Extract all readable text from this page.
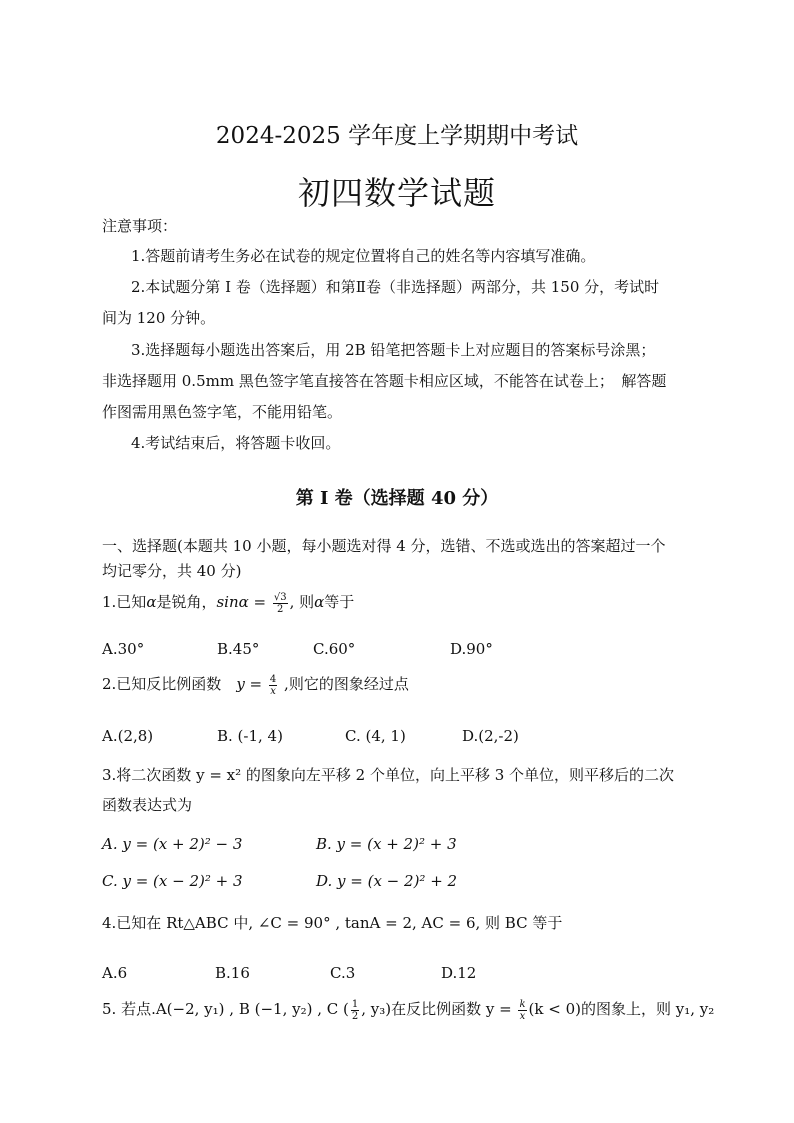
2024-2025 学年度上学期期中考试
初四数学试题
注意事项：
1.答题前请考生务必在试卷的规定位置将自己的姓名等内容填写准确。
2.本试题分第 I 卷（选择题）和第Ⅱ卷（非选择题）两部分，共 150 分，考试时
间为 120 分钟。
3.选择题每小题选出答案后，用 2B 铅笔把答题卡上对应题目的答案标号涂黑；
非选择题用 0.5mm 黑色签字笔直接答在答题卡相应区域，不能答在试卷上；　解答题
作图需用黑色签字笔，不能用铅笔。
4.考试结束后，将答题卡收回。
第 I 卷（选择题 40 分）
一、选择题(本题共 10 小题，每小题选对得 4 分，选错、不选或选出的答案超过一个
均记零分，共 40 分)
1.已知α是锐角，$\sin\alpha = \frac{√3}{2}$ , 则α等于
A.30°	B.45°	C.60°	D.90°
2.已知反比例函数　$y = \frac{4}{x}$ ,则它的图象经过点
A.(2,8)	B. (-1, 4)	C. (4, 1)	D.(2,-2)
3.将二次函数 y = x² 的图象向左平移 2 个单位，向上平移 3 个单位，则平移后的二次
函数表达式为
A. y = (x + 2)² − 3	B. y = (x + 2)² + 3
C. y = (x − 2)² + 3	D. y = (x − 2)² + 2
4.已知在 Rt△ABC 中, ∠C = 90° , tanA = 2, AC = 6, 则 BC 等于
A.6	B.16	C.3	D.12
5. 若点.A(−2, y₁) , B (−1, y₂) , C ( $\frac{1}{2}$ , y₃)在反比例函数 $y = \frac{k}{x} (k < 0)$的图象上，则 y₁, y₂
